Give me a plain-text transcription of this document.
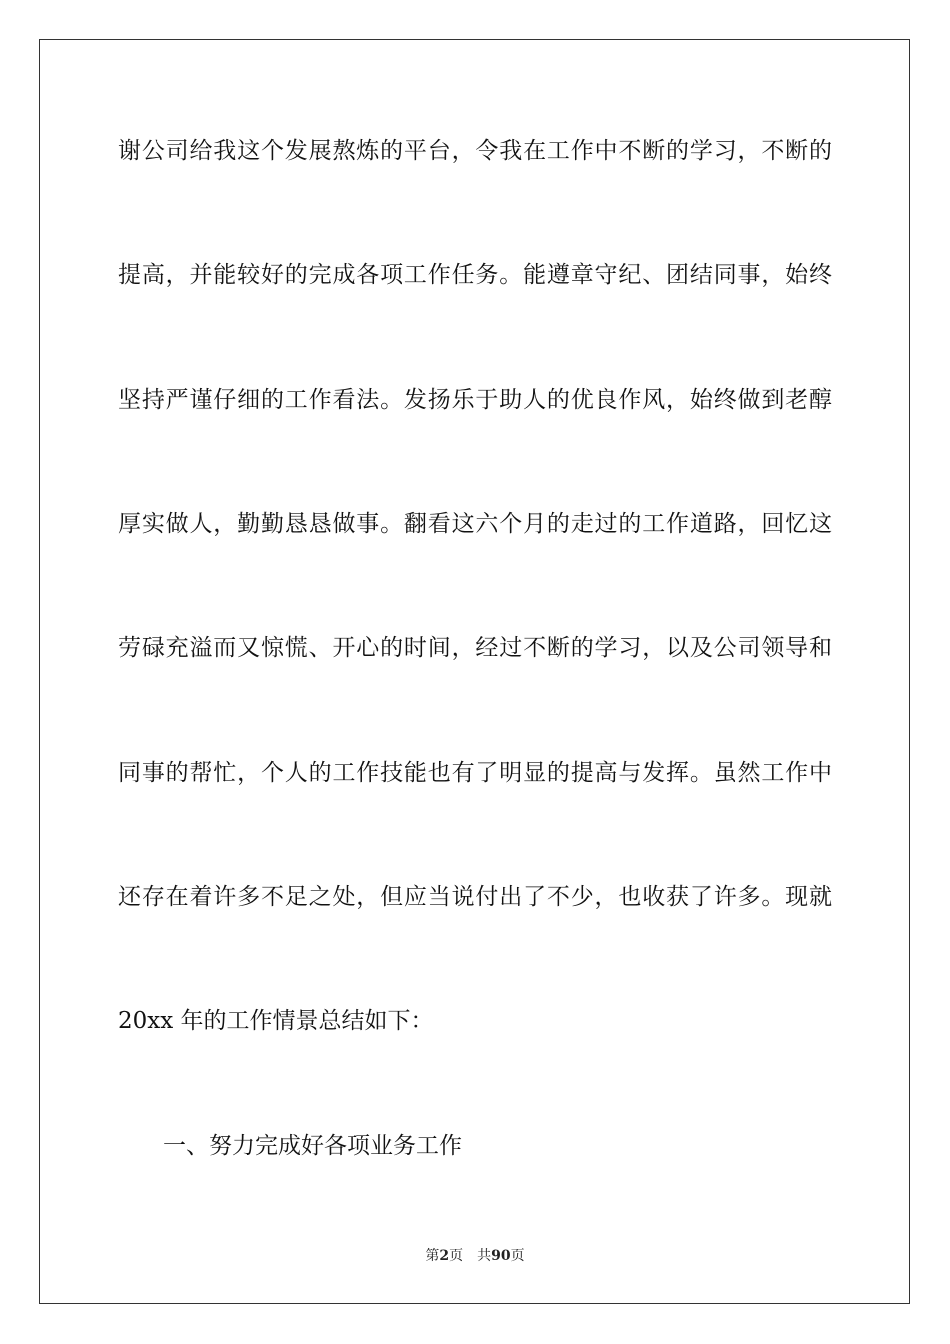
谢公司给我这个发展熬炼的平台，令我在工作中不断的学习，不断的
提高，并能较好的完成各项工作任务。能遵章守纪、团结同事，始终
坚持严谨仔细的工作看法。发扬乐于助人的优良作风，始终做到老醇
厚实做人，勤勤恳恳做事。翻看这六个月的走过的工作道路，回忆这
劳碌充溢而又惊慌、开心的时间，经过不断的学习，以及公司领导和
同事的帮忙，个人的工作技能也有了明显的提高与发挥。虽然工作中
还存在着许多不足之处，但应当说付出了不少，也收获了许多。现就
20xx 年的工作情景总结如下：
一、努力完成好各项业务工作
第2页 共90页
